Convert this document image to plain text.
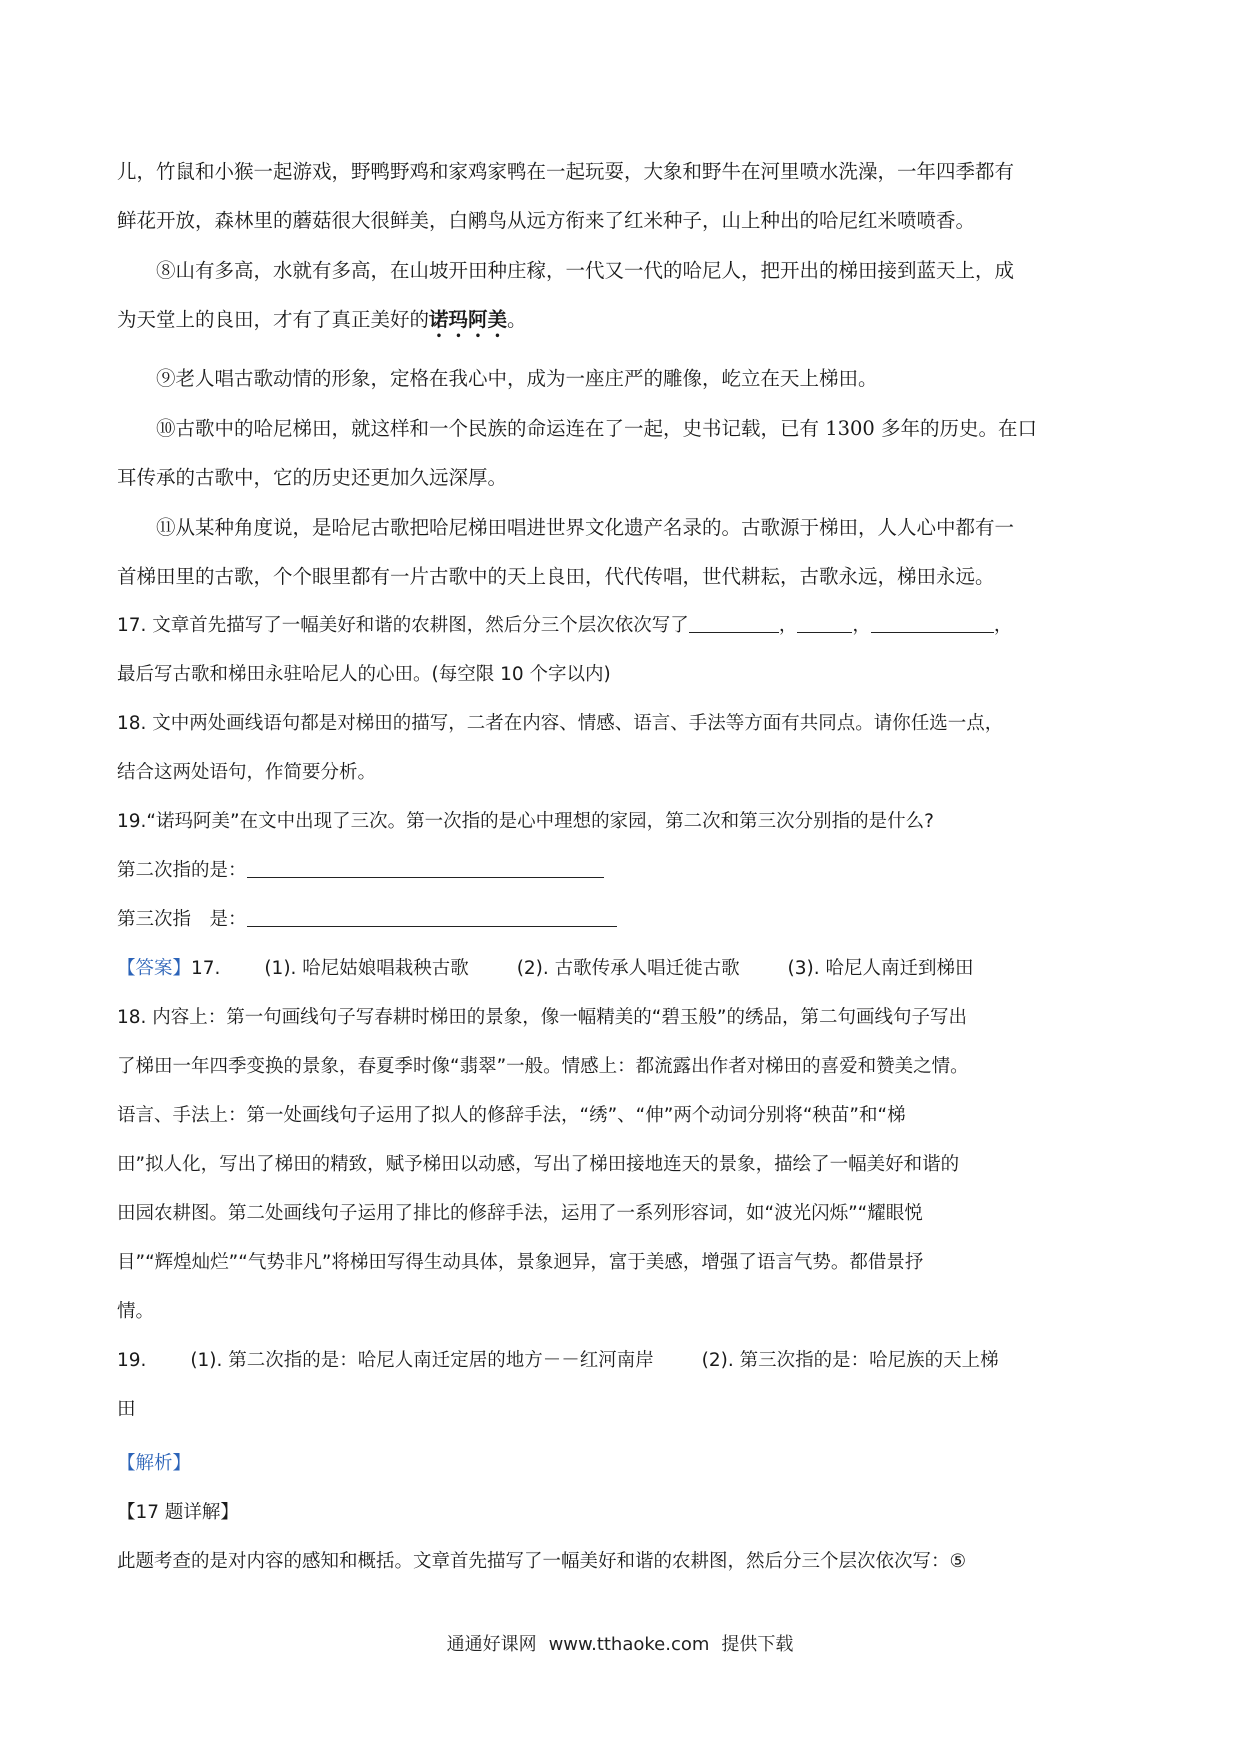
儿，竹鼠和小猴一起游戏，野鸭野鸡和家鸡家鸭在一起玩耍，大象和野牛在河里喷水洗澡，一年四季都有
鲜花开放，森林里的蘑菇很大很鲜美，白鹇鸟从远方衔来了红米种子，山上种出的哈尼红米喷喷香。
⑧山有多高，水就有多高，在山坡开田种庄稼，一代又一代的哈尼人，把开出的梯田接到蓝天上，成
为天堂上的良田，才有了真正美好的诺玛阿美。
⑨老人唱古歌动情的形象，定格在我心中，成为一座庄严的雕像，屹立在天上梯田。
⑩古歌中的哈尼梯田，就这样和一个民族的命运连在了一起，史书记载，已有 1300 多年的历史。在口
耳传承的古歌中，它的历史还更加久远深厚。
⑪从某种角度说，是哈尼古歌把哈尼梯田唱进世界文化遗产名录的。古歌源于梯田，人人心中都有一
首梯田里的古歌，个个眼里都有一片古歌中的天上良田，代代传唱，世代耕耘，古歌永远，梯田永远。
17. 文章首先描写了一幅美好和谐的农耕图，然后分三个层次依次写了	，	，	，
最后写古歌和梯田永驻哈尼人的心田。(每空限 10 个字以内)
18. 文中两处画线语句都是对梯田的描写，二者在内容、情感、语言、手法等方面有共同点。请你任选一点，
结合这两处语句，作简要分析。
19.“诺玛阿美”在文中出现了三次。第一次指的是心中理想的家园，第二次和第三次分别指的是什么?
第二次指的是：
第三次指　是：
【答案】17. (1). 哈尼姑娘唱栽秧古歌	(2). 古歌传承人唱迁徙古歌	(3). 哈尼人南迁到梯田
18. 内容上：第一句画线句子写春耕时梯田的景象，像一幅精美的“碧玉般”的绣品，第二句画线句子写出
了梯田一年四季变换的景象，春夏季时像“翡翠”一般。情感上：都流露出作者对梯田的喜爱和赞美之情。
语言、手法上：第一处画线句子运用了拟人的修辞手法，“绣”、“伸”两个动词分别将“秧苗”和“梯
田”拟人化，写出了梯田的精致，赋予梯田以动感，写出了梯田接地连天的景象，描绘了一幅美好和谐的
田园农耕图。第二处画线句子运用了排比的修辞手法，运用了一系列形容词，如“波光闪烁”“耀眼悦
目”“辉煌灿烂”“气势非凡”将梯田写得生动具体，景象迥异，富于美感，增强了语言气势。都借景抒
情。
19. (1). 第二次指的是：哈尼人南迁定居的地方－－红河南岸	(2). 第三次指的是：哈尼族的天上梯
田
【解析】
【17 题详解】
此题考查的是对内容的感知和概括。文章首先描写了一幅美好和谐的农耕图，然后分三个层次依次写：⑤
通通好课网 www.tthaoke.com 提供下载
